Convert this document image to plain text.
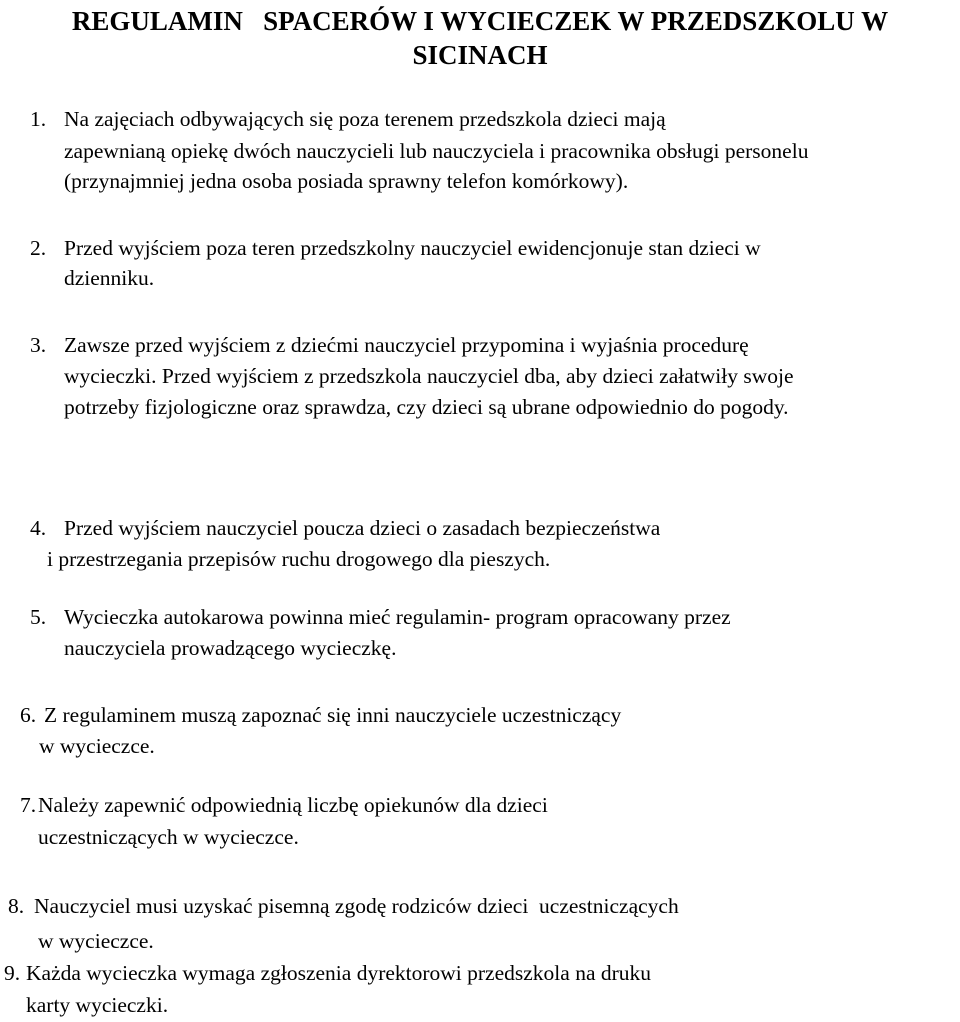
REGULAMIN   SPACERÓW I WYCIECZEK W PRZEDSZKOLU W
SICINACH

1. Na zajęciach odbywających się poza terenem przedszkola dzieci mają

zapewnianą opiekę dwóch nauczycieli lub nauczyciela i pracownika obsługi personelu

(przynajmniej jedna osoba posiada sprawny telefon komórkowy).

2. Przed wyjściem poza teren przedszkolny nauczyciel ewidencjonuje stan dzieci w

dzienniku.

3. Zawsze przed wyjściem z dziećmi nauczyciel przypomina i wyjaśnia procedurę

wycieczki. Przed wyjściem z przedszkola nauczyciel dba, aby dzieci załatwiły swoje

potrzeby fizjologiczne oraz sprawdza, czy dzieci są ubrane odpowiednio do pogody.

4. Przed wyjściem nauczyciel poucza dzieci o zasadach bezpieczeństwa

i przestrzegania przepisów ruchu drogowego dla pieszych.

5. Wycieczka autokarowa powinna mieć regulamin- program opracowany przez

nauczyciela prowadzącego wycieczkę.

6. Z regulaminem muszą zapoznać się inni nauczyciele uczestniczący

w wycieczce.

7. Należy zapewnić odpowiednią liczbę opiekunów dla dzieci

uczestniczących w wycieczce.

8. Nauczyciel musi uzyskać pisemną zgodę rodziców dzieci  uczestniczących

w wycieczce.

9. Każda wycieczka wymaga zgłoszenia dyrektorowi przedszkola na druku

karty wycieczki.
